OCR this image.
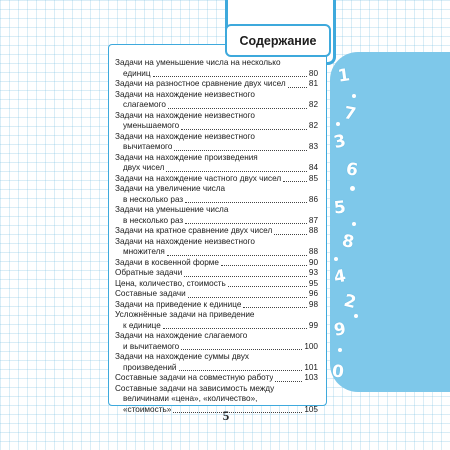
1
7
3
6
5
8
4
2
9
0
Содержание
Задачи на уменьшение числа на несколько
единиц	80
Задачи на разностное сравнение двух чисел	81
Задачи на нахождение неизвестного
слагаемого	82
Задачи на нахождение неизвестного
уменьшаемого	82
Задачи на нахождение неизвестного
вычитаемого	83
Задачи на нахождение произведения
двух чисел	84
Задачи на нахождение частного двух чисел	85
Задачи на увеличение числа
в несколько раз	86
Задачи на уменьшение числа
в несколько раз	87
Задачи на кратное сравнение двух чисел	88
Задачи на нахождение неизвестного
множителя	88
Задачи в косвенной форме	90
Обратные задачи	93
Цена, количество, стоимость	95
Составные задачи	96
Задачи на приведение к единице	98
Усложнённые задачи на приведение
к единице	99
Задачи на нахождение слагаемого
и вычитаемого	100
Задачи на нахождение суммы двух
произведений	101
Составные задачи на совместную работу	103
Составные задачи на зависимость между
величинами «цена», «количество»,
«стоимость»	105
5
